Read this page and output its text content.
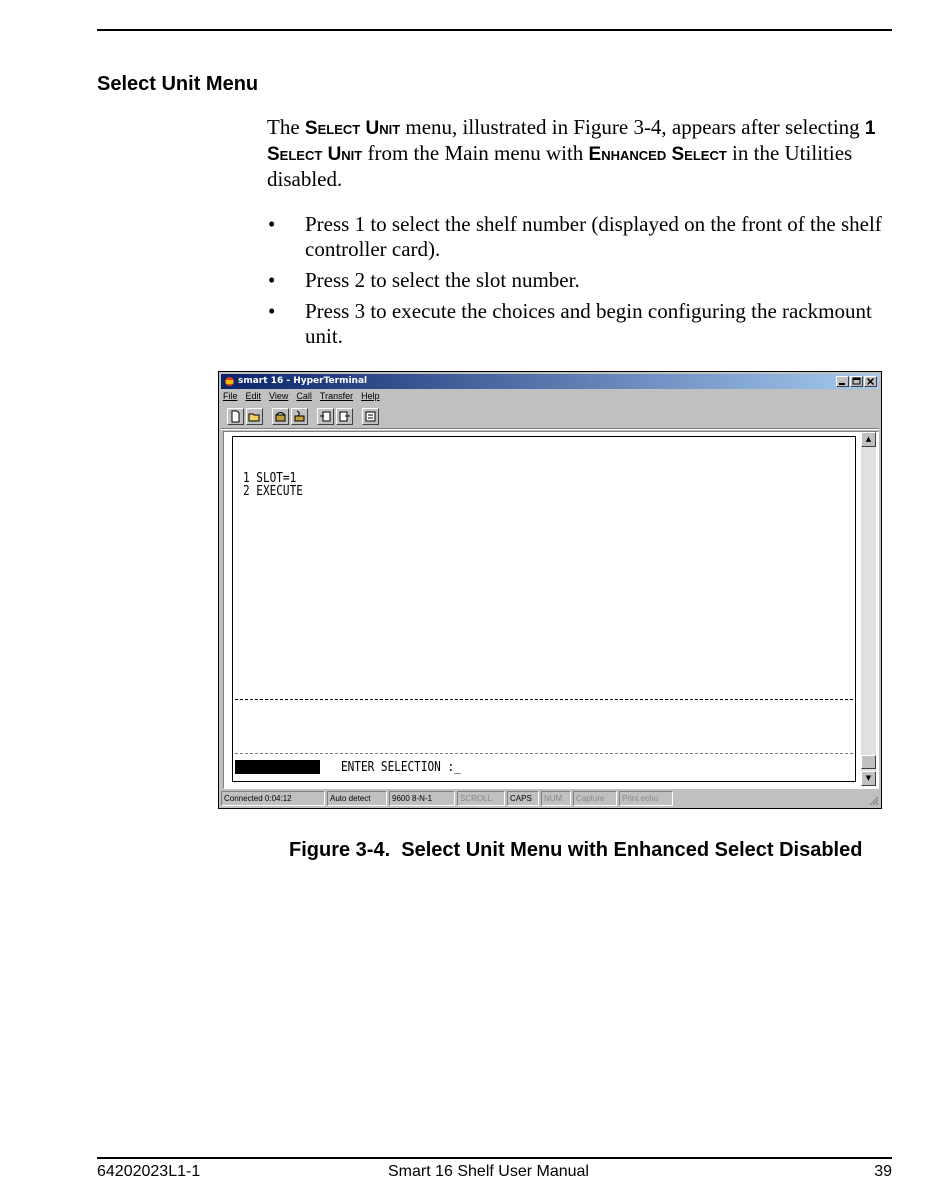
Select Unit Menu

The Select Unit menu, illustrated in Figure 3-4, appears after selecting 1 Select Unit from the Main menu with Enhanced Select in the Utilities disabled.

• Press 1 to select the shelf number (displayed on the front of the shelf controller card).
• Press 2 to select the slot number.
• Press 3 to execute the choices and begin configuring the rackmount unit.
smart 16 - HyperTerminal
File Edit View Call Transfer Help
1 SLOT=1
2 EXECUTE
ENTER SELECTION :_
▲
▼
Connected 0:04:12	Auto detect	9600 8-N-1	SCROLL	CAPS	NUM	Capture	Print echo
Figure 3-4.  Select Unit Menu with Enhanced Select Disabled
64202023L1-1	Smart 16 Shelf User Manual	39
